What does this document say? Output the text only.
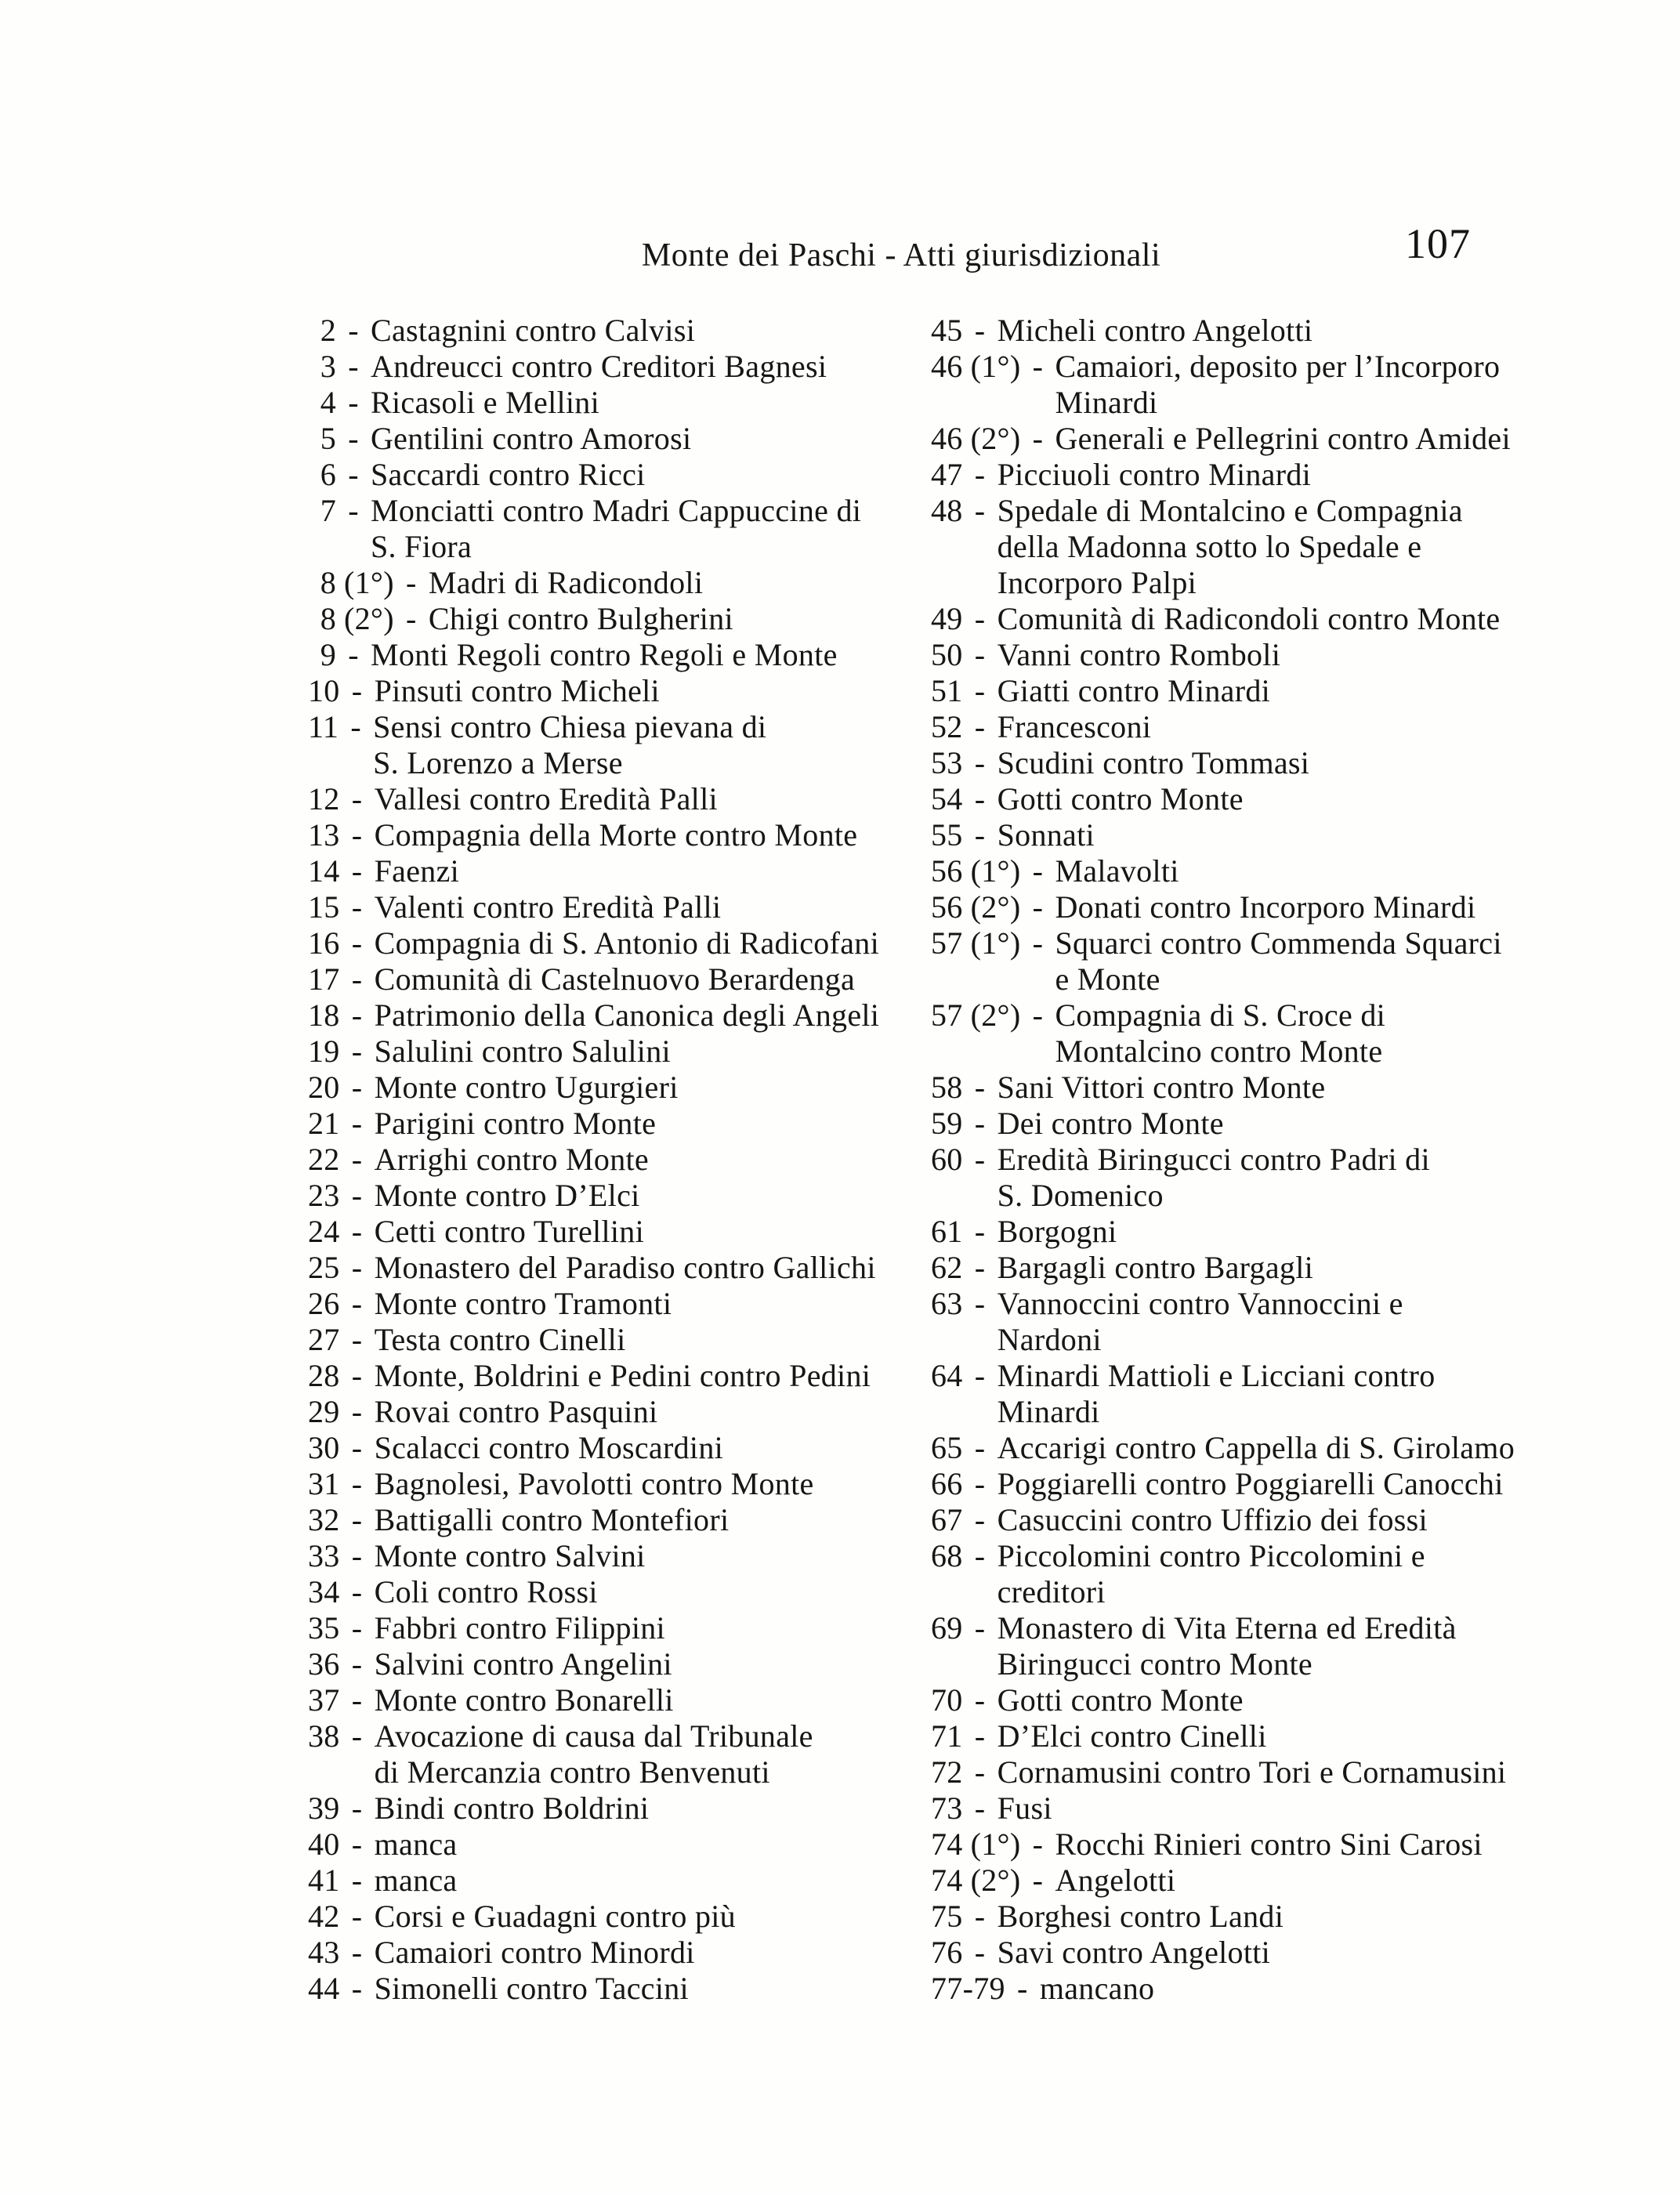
Monte dei Paschi - Atti giurisdizionali	107
2 - Castagnini contro Calvisi
3 - Andreucci contro Creditori Bagnesi
4 - Ricasoli e Mellini
5 - Gentilini contro Amorosi
6 - Saccardi contro Ricci
7 - Monciatti contro Madri Cappuccine di
S. Fiora
8 (1°) - Madri di Radicondoli
8 (2°) - Chigi contro Bulgherini
9 - Monti Regoli contro Regoli e Monte
10 - Pinsuti contro Micheli
11 - Sensi contro Chiesa pievana di
S. Lorenzo a Merse
12 - Vallesi contro Eredità Palli
13 - Compagnia della Morte contro Monte
14 - Faenzi
15 - Valenti contro Eredità Palli
16 - Compagnia di S. Antonio di Radicofani
17 - Comunità di Castelnuovo Berardenga
18 - Patrimonio della Canonica degli Angeli
19 - Salulini contro Salulini
20 - Monte contro Ugurgieri
21 - Parigini contro Monte
22 - Arrighi contro Monte
23 - Monte contro D’Elci
24 - Cetti contro Turellini
25 - Monastero del Paradiso contro Gallichi
26 - Monte contro Tramonti
27 - Testa contro Cinelli
28 - Monte, Boldrini e Pedini contro Pedini
29 - Rovai contro Pasquini
30 - Scalacci contro Moscardini
31 - Bagnolesi, Pavolotti contro Monte
32 - Battigalli contro Montefiori
33 - Monte contro Salvini
34 - Coli contro Rossi
35 - Fabbri contro Filippini
36 - Salvini contro Angelini
37 - Monte contro Bonarelli
38 - Avocazione di causa dal Tribunale
di Mercanzia contro Benvenuti
39 - Bindi contro Boldrini
40 - manca
41 - manca
42 - Corsi e Guadagni contro più
43 - Camaiori contro Minordi
44 - Simonelli contro Taccini
45 - Micheli contro Angelotti
46 (1°) - Camaiori, deposito per l’Incorporo
Minardi
46 (2°) - Generali e Pellegrini contro Amidei
47 - Picciuoli contro Minardi
48 - Spedale di Montalcino e Compagnia
della Madonna sotto lo Spedale e
Incorporo Palpi
49 - Comunità di Radicondoli contro Monte
50 - Vanni contro Romboli
51 - Giatti contro Minardi
52 - Francesconi
53 - Scudini contro Tommasi
54 - Gotti contro Monte
55 - Sonnati
56 (1°) - Malavolti
56 (2°) - Donati contro Incorporo Minardi
57 (1°) - Squarci contro Commenda Squarci
e Monte
57 (2°) - Compagnia di S. Croce di
Montalcino contro Monte
58 - Sani Vittori contro Monte
59 - Dei contro Monte
60 - Eredità Biringucci contro Padri di
S. Domenico
61 - Borgogni
62 - Bargagli contro Bargagli
63 - Vannoccini contro Vannoccini e
Nardoni
64 - Minardi Mattioli e Licciani contro
Minardi
65 - Accarigi contro Cappella di S. Girolamo
66 - Poggiarelli contro Poggiarelli Canocchi
67 - Casuccini contro Uffizio dei fossi
68 - Piccolomini contro Piccolomini e
creditori
69 - Monastero di Vita Eterna ed Eredità
Biringucci contro Monte
70 - Gotti contro Monte
71 - D’Elci contro Cinelli
72 - Cornamusini contro Tori e Cornamusini
73 - Fusi
74 (1°) - Rocchi Rinieri contro Sini Carosi
74 (2°) - Angelotti
75 - Borghesi contro Landi
76 - Savi contro Angelotti
77-79 - mancano
